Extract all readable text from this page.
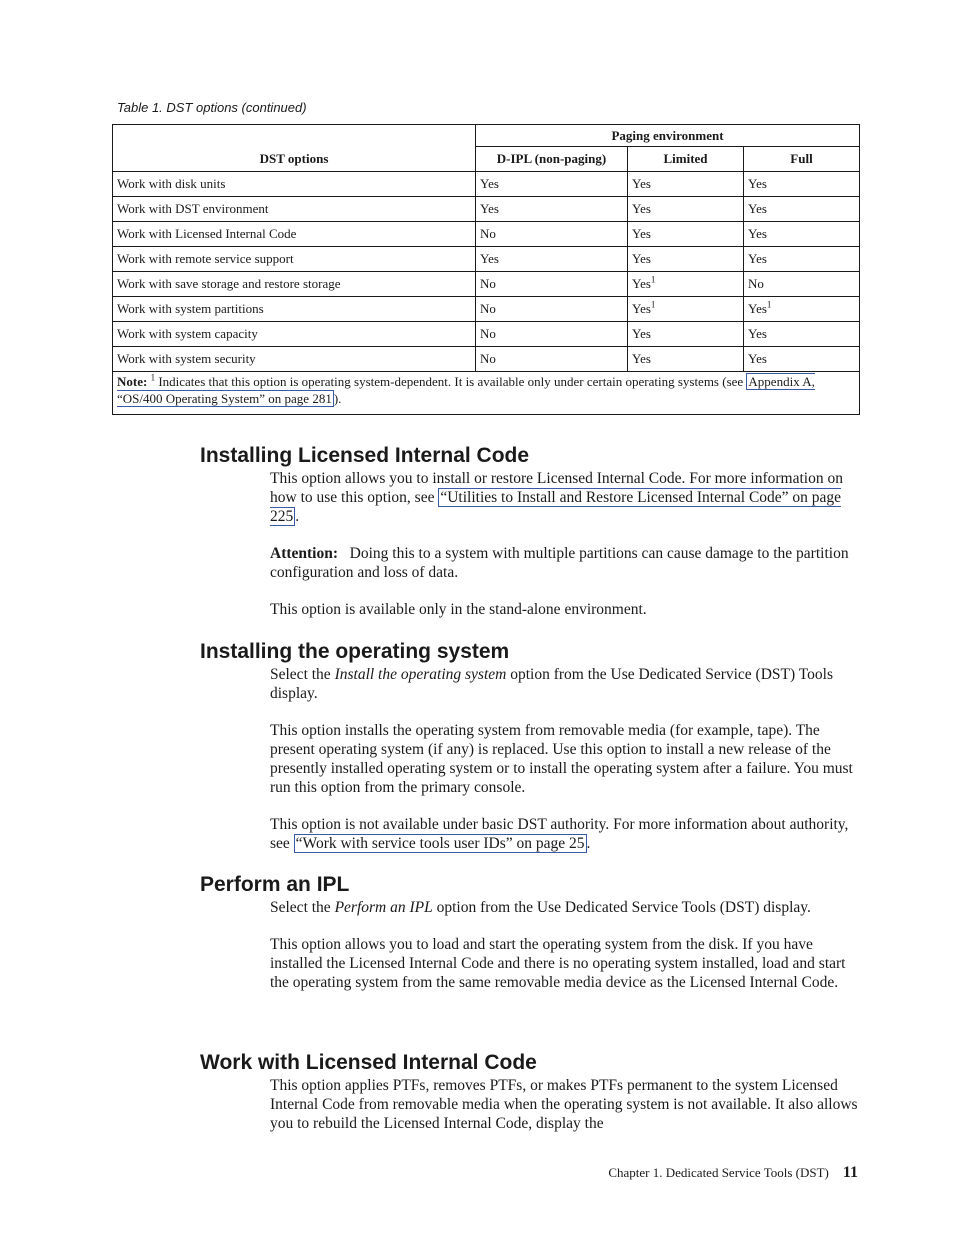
Table 1. DST options (continued)
DST options	Paging environment		
	D-IPL (non-paging)	Limited	Full
Work with disk units	Yes	Yes	Yes
Work with DST environment	Yes	Yes	Yes
Work with Licensed Internal Code	No	Yes	Yes
Work with remote service support	Yes	Yes	Yes
Work with save storage and restore storage	No	Yes$^1$	No
Work with system partitions	No	Yes$^1$	Yes$^1$
Work with system capacity	No	Yes	Yes
Work with system security	No	Yes	Yes
Note: $^1$ Indicates that this option is operating system-dependent. It is available only under certain operating systems (see Appendix A, “OS/400 Operating System” on page 281 ).			
Installing Licensed Internal Code

This option allows you to install or restore Licensed Internal Code. For more information on how to use this option, see “Utilities to Install and Restore Licensed Internal Code” on page 225 .

Attention: Doing this to a system with multiple partitions can cause damage to the partition configuration and loss of data.

This option is available only in the stand-alone environment.

Installing the operating system

Select the Install the operating system option from the Use Dedicated Service (DST) Tools display.

This option installs the operating system from removable media (for example, tape). The present operating system (if any) is replaced. Use this option to install a new release of the presently installed operating system or to install the operating system after a failure. You must run this option from the primary console.

This option is not available under basic DST authority. For more information about authority, see “Work with service tools user IDs” on page 25 .

Perform an IPL

Select the Perform an IPL option from the Use Dedicated Service Tools (DST) display.

This option allows you to load and start the operating system from the disk. If you have installed the Licensed Internal Code and there is no operating system installed, load and start the operating system from the same removable media device as the Licensed Internal Code.

Work with Licensed Internal Code

This option applies PTFs, removes PTFs, or makes PTFs permanent to the system Licensed Internal Code from removable media when the operating system is not available. It also allows you to rebuild the Licensed Internal Code, display the

Chapter 1. Dedicated Service Tools (DST) 11
